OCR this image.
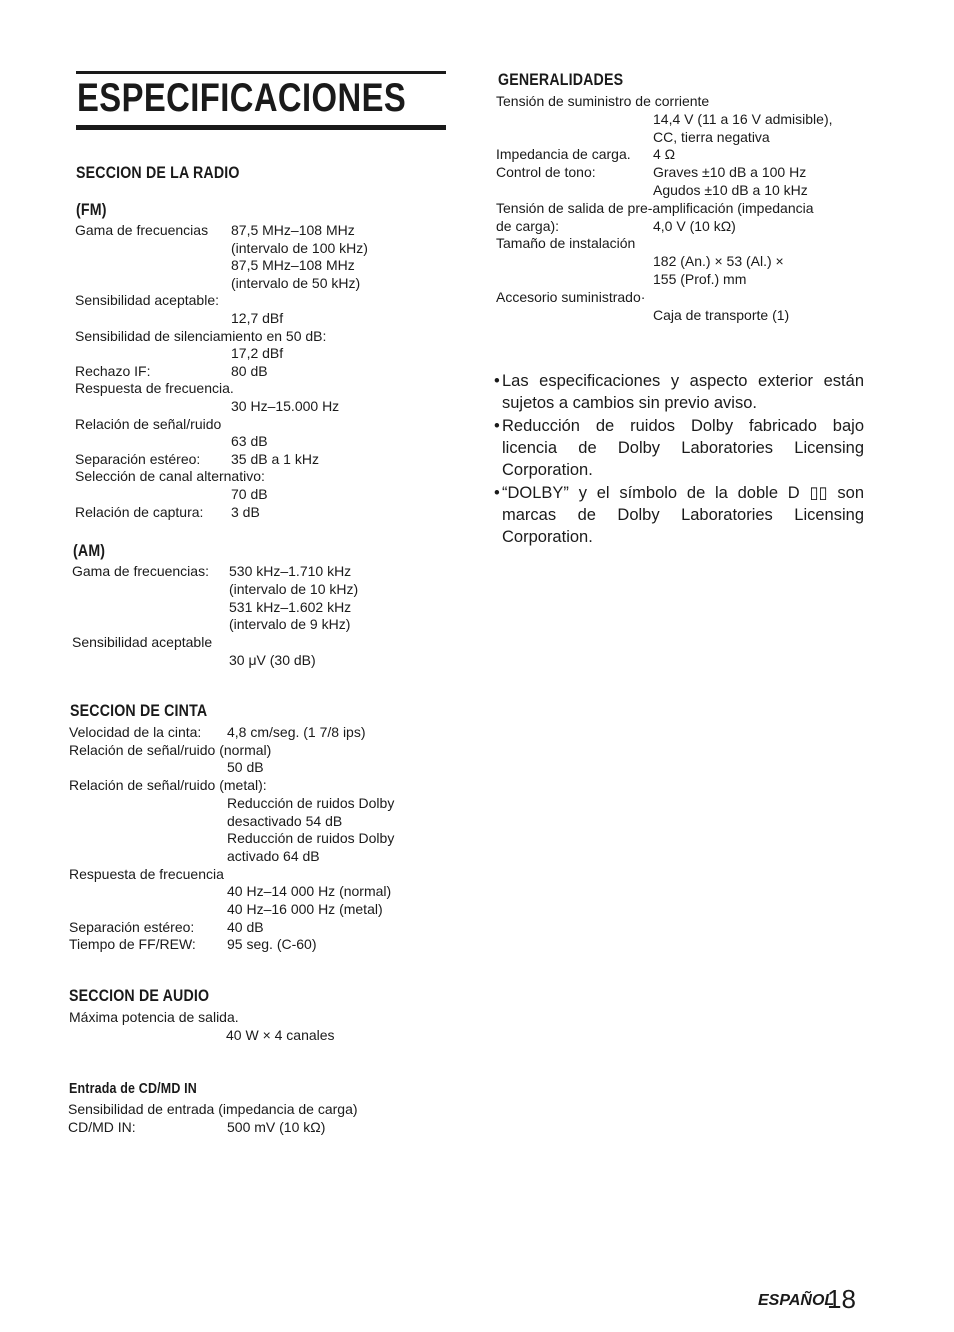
ESPECIFICACIONES
SECCION DE LA RADIO
(FM)
Gama de frecuencias 87,5 MHz–108 MHz
(intervalo de 100 kHz)
87,5 MHz–108 MHz
(intervalo de 50 kHz)
Sensibilidad aceptable:
12,7 dBf
Sensibilidad de silenciamiento en 50 dB:
17,2 dBf
Rechazo IF:	80 dB
Respuesta de frecuencia.
30 Hz–15.000 Hz
Relación de señal/ruido
63 dB
Separación estéreo: 35 dB a 1 kHz
Selección de canal alternativo:
70 dB
Relación de captura: 3 dB
(AM)
Gama de frecuencias: 530 kHz–1.710 kHz
(intervalo de 10 kHz)
531 kHz–1.602 kHz
(intervalo de 9 kHz)
Sensibilidad aceptable
30 μV (30 dB)
SECCION DE CINTA
Velocidad de la cinta: 4,8 cm/seg. (1 7/8 ips)
Relación de señal/ruido (normal)
50 dB
Relación de señal/ruido (metal):
Reducción de ruidos Dolby
desactivado 54 dB
Reducción de ruidos Dolby
activado 64 dB
Respuesta de frecuencia
40 Hz–14 000 Hz (normal)
40 Hz–16 000 Hz (metal)
Separación estéreo: 40 dB
Tiempo de FF/REW: 95 seg. (C-60)
SECCION DE AUDIO
Máxima potencia de salida.
40 W × 4 canales
Entrada de CD/MD IN
Sensibilidad de entrada (impedancia de carga)
CD/MD IN:	500 mV (10 kΩ)
GENERALIDADES
Tensión de suministro de corriente
14,4 V (11 a 16 V admisible),
CC, tierra negativa
Impedancia de carga. 4 Ω
Control de tono:	Graves ±10 dB a 100 Hz
Agudos ±10 dB a 10 kHz
Tensión de salida de pre-amplificación (impedancia
de carga):	4,0 V (10 kΩ)
Tamaño de instalación
182 (An.) × 53 (Al.) ×
155 (Prof.) mm
Accesorio suministrado·
Caja de transporte (1)
• Las especificaciones y aspecto exterior están sujetos a cambios sin previo aviso.
• Reducción de ruidos Dolby fabricado bajo licencia de Dolby Laboratories Licensing Corporation.
• “DOLBY” y el símbolo de la doble D ▯▯ son marcas de Dolby Laboratories Licensing Corporation.
ESPAÑOL
18
